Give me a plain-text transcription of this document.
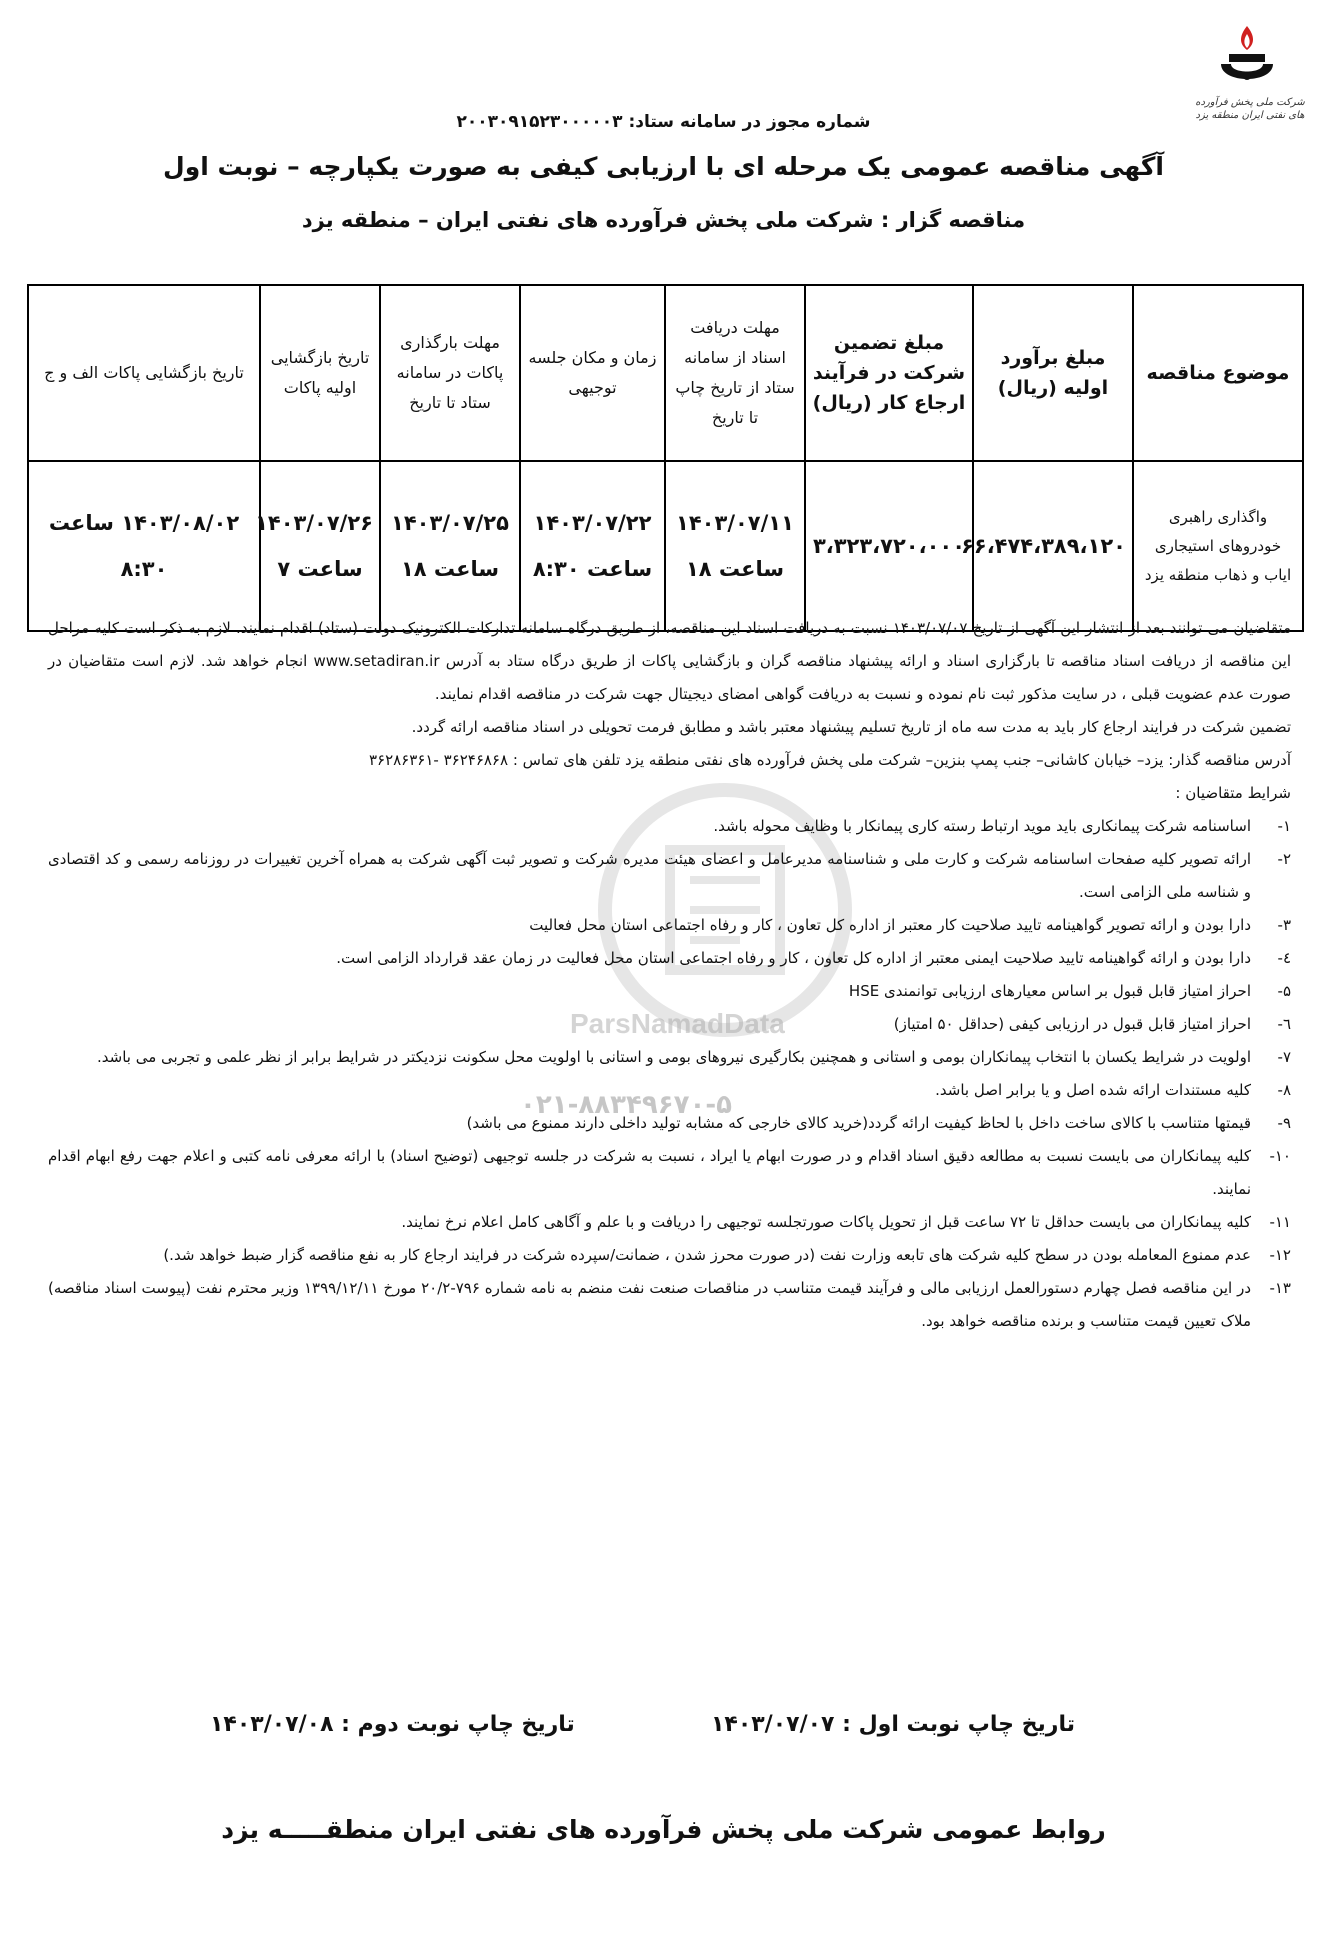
شرکت ملی پخش فرآورده های نفتی ایران منطقه یزد
ParsNamadData
۰۲۱-۸۸۳۴۹۶۷۰-۵
شماره مجوز در سامانه ستاد: ۲۰۰۳۰۹۱۵۲۳۰۰۰۰۰۳
آگهی مناقصه عمومی یک مرحله ای با ارزیابی کیفی به صورت یکپارچه – نوبت اول
مناقصه گزار : شرکت ملی پخش فرآورده های نفتی ایران – منطقه یزد
موضوع مناقصه	مبلغ برآورد اولیه (ریال)	مبلغ تضمین شرکت در فرآیند ارجاع کار (ریال)	مهلت دریافت اسناد از سامانه ستاد از تاریخ چاپ تا تاریخ	زمان و مکان جلسه توجیهی	مهلت بارگذاری پاکات در سامانه ستاد تا تاریخ	تاریخ بازگشایی اولیه پاکات	تاریخ بازگشایی پاکات الف و ج
واگذاری راهبری خودروهای استیجاری ایاب و ذهاب منطقه یزد	۶۶،۴۷۴،۳۸۹،۱۲۰	۳،۳۲۳،۷۲۰،۰۰۰	۱۴۰۳/۰۷/۱۱ ساعت ۱۸	۱۴۰۳/۰۷/۲۲ ساعت ۸:۳۰	۱۴۰۳/۰۷/۲۵ ساعت ۱۸	۱۴۰۳/۰۷/۲۶ ساعت ۷	۱۴۰۳/۰۸/۰۲ ساعت ۸:۳۰

متقاضیان می توانند بعد از انتشار این آگهی از تاریخ ۱۴۰۳/۰۷/۰۷ نسبت به دریافت اسناد این مناقصه، از طریق درگاه سامانه تدارکات الکترونیک دولت (ستاد) اقدام نمایند. لازم به ذکر است کلیه مراحل این مناقصه از دریافت اسناد مناقصه تا بارگزاری اسناد و ارائه پیشنهاد مناقصه گران و بازگشایی پاکات از طریق درگاه ستاد به آدرس www.setadiran.ir انجام خواهد شد. لازم است متقاضیان در صورت عدم عضویت قبلی ، در سایت مذکور ثبت نام نموده و نسبت به دریافت گواهی امضای دیجیتال جهت شرکت در مناقصه اقدام نمایند.

تضمین شرکت در فرایند ارجاع کار باید به مدت سه ماه از تاریخ تسلیم پیشنهاد معتبر باشد و مطابق فرمت تحویلی در اسناد مناقصه ارائه گردد.

آدرس مناقصه گذار: یزد– خیابان کاشانی– جنب پمپ بنزین– شرکت ملی پخش فرآورده های نفتی منطقه یزد تلفن های تماس : ۳۶۲۴۶۸۶۸ -۳۶۲۸۶۳۶۱

شرایط متقاضیان :

۱-
اساسنامه شرکت پیمانکاری باید موید ارتباط رسته کاری پیمانکار با وظایف محوله باشد.
۲-
ارائه تصویر کلیه صفحات اساسنامه شرکت و کارت ملی و شناسنامه مدیرعامل و اعضای هیئت مدیره شرکت و تصویر ثبت آگهی شرکت به همراه آخرین تغییرات در روزنامه رسمی و کد اقتصادی و شناسه ملی الزامی است.
۳-
دارا بودن و ارائه تصویر گواهینامه تایید صلاحیت کار معتبر از اداره کل تعاون ، کار و رفاه اجتماعی استان محل فعالیت
٤-
دارا بودن و ارائه گواهینامه تایید صلاحیت ایمنی معتبر از اداره کل تعاون ، کار و رفاه اجتماعی استان محل فعالیت در زمان عقد قرارداد الزامی است.
۵-
احراز امتیاز قابل قبول بر اساس معیارهای ارزیابی توانمندی HSE
٦-
احراز امتیاز قابل قبول در ارزیابی کیفی (حداقل ۵۰ امتیاز)
۷-
اولویت در شرایط یکسان با انتخاب پیمانکاران بومی و استانی و همچنین بکارگیری نیروهای بومی و استانی با اولویت محل سکونت نزدیکتر در شرایط برابر از نظر علمی و تجربی می باشد.
۸-
کلیه مستندات ارائه شده اصل و یا برابر اصل باشد.
۹-
قیمتها متناسب با کالای ساخت داخل با لحاظ کیفیت ارائه گردد(خرید کالای خارجی که مشابه تولید داخلی دارند ممنوع می باشد)
۱۰-
کلیه پیمانکاران می بایست نسبت به مطالعه دقیق اسناد اقدام و در صورت ابهام یا ایراد ، نسبت به شرکت در جلسه توجیهی (توضیح اسناد) با ارائه معرفی نامه کتبی و اعلام جهت رفع ابهام اقدام نمایند.
۱۱-
کلیه پیمانکاران می بایست حداقل تا ۷۲ ساعت قبل از تحویل پاکات صورتجلسه توجیهی را دریافت و با علم و آگاهی کامل اعلام نرخ نمایند.
۱۲-
عدم ممنوع المعامله بودن در سطح کلیه شرکت های تابعه وزارت نفت (در صورت محرز شدن ، ضمانت/سپرده شرکت در فرایند ارجاع کار به نفع مناقصه گزار ضبط خواهد شد.)
۱۳-
در این مناقصه فصل چهارم دستورالعمل ارزیابی مالی و فرآیند قیمت متناسب در مناقصات صنعت نفت منضم به نامه شماره ۷۹۶-۲۰/۲ مورخ ۱۳۹۹/۱۲/۱۱ وزیر محترم نفت (پیوست اسناد مناقصه) ملاک تعیین قیمت متناسب و برنده مناقصه خواهد بود.
تاریخ چاپ نوبت اول : ۱۴۰۳/۰۷/۰۷
تاریخ چاپ نوبت دوم : ۱۴۰۳/۰۷/۰۸
روابط عمومی شرکت ملی پخش فرآورده های نفتی ایران منطقـــــه یزد
